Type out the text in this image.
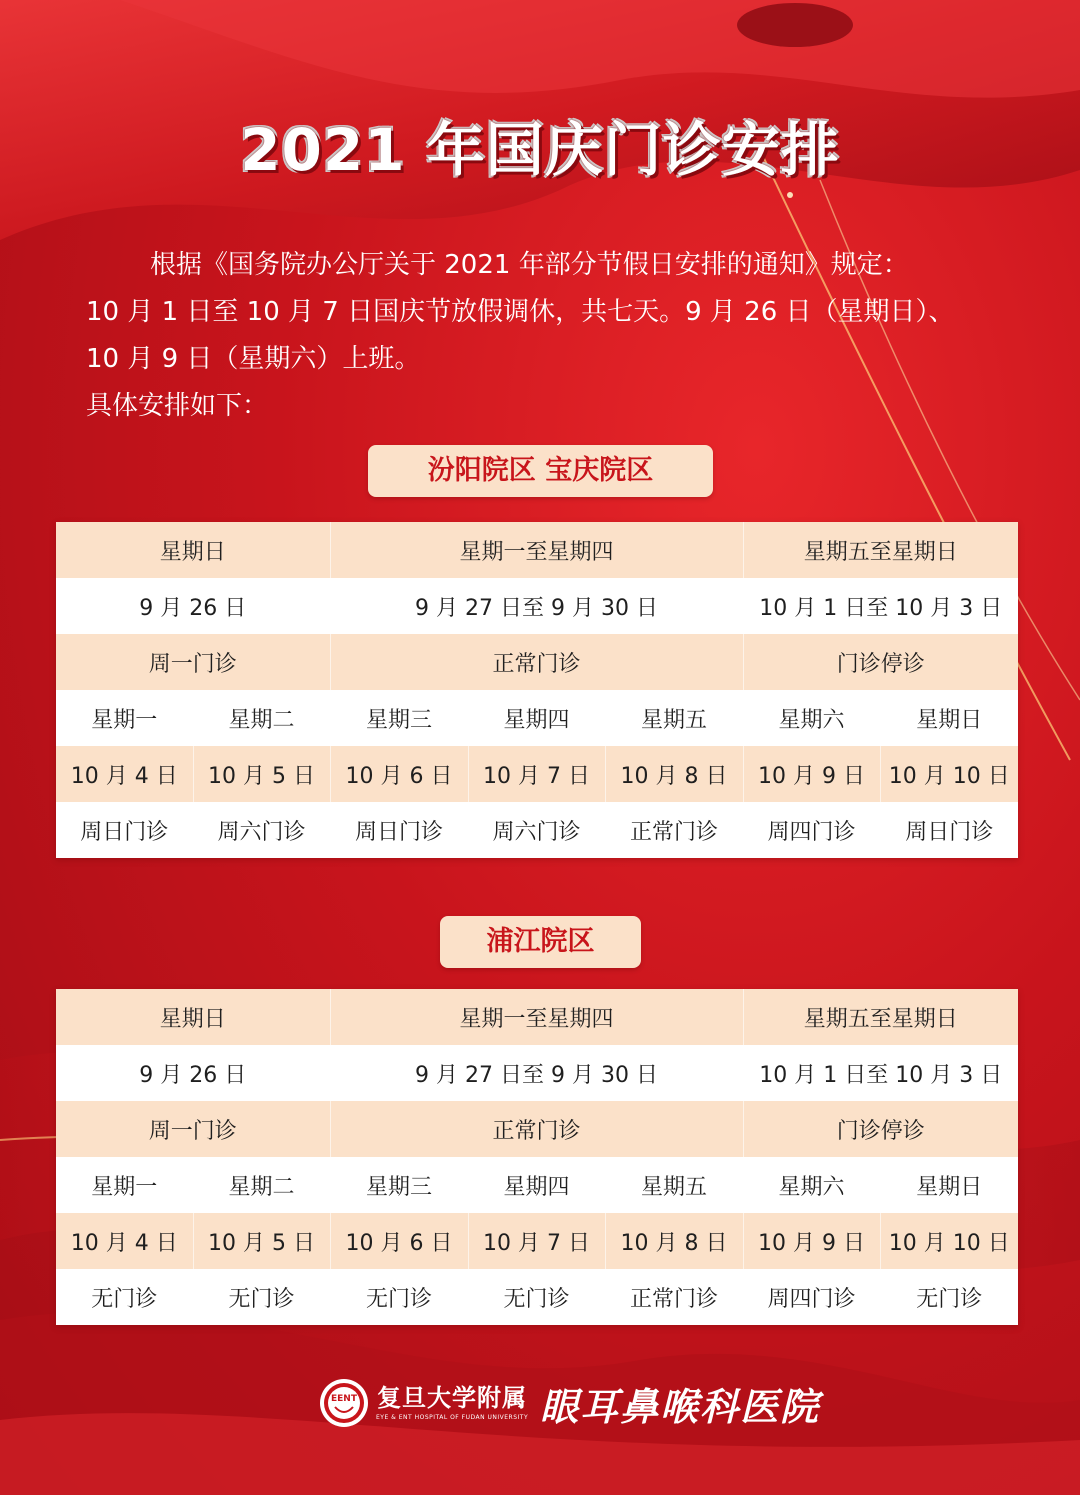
2021 年国庆门诊安排

根据《国务院办公厅关于 2021 年部分节假日安排的通知》规定：

10 月 1 日至 10 月 7 日国庆节放假调休，共七天。9 月 26 日（星期日）、

10 月 9 日（星期六）上班。

具体安排如下：

汾阳院区 宝庆院区
星期日		星期一至星期四			星期五至星期日	
9 月 26 日		9 月 27 日至 9 月 30 日			10 月 1 日至 10 月 3 日	
周一门诊		正常门诊			门诊停诊	
星期一	星期二	星期三	星期四	星期五	星期六	星期日
10 月 4 日	10 月 5 日	10 月 6 日	10 月 7 日	10 月 8 日	10 月 9 日	10 月 10 日
周日门诊	周六门诊	周日门诊	周六门诊	正常门诊	周四门诊	周日门诊
浦江院区
星期日		星期一至星期四			星期五至星期日	
9 月 26 日		9 月 27 日至 9 月 30 日			10 月 1 日至 10 月 3 日	
周一门诊		正常门诊			门诊停诊	
星期一	星期二	星期三	星期四	星期五	星期六	星期日
10 月 4 日	10 月 5 日	10 月 6 日	10 月 7 日	10 月 8 日	10 月 9 日	10 月 10 日
无门诊	无门诊	无门诊	无门诊	正常门诊	周四门诊	无门诊
EENT 复旦大学附属
EYE & ENT HOSPITAL OF FUDAN UNIVERSITY 眼耳鼻喉科医院
